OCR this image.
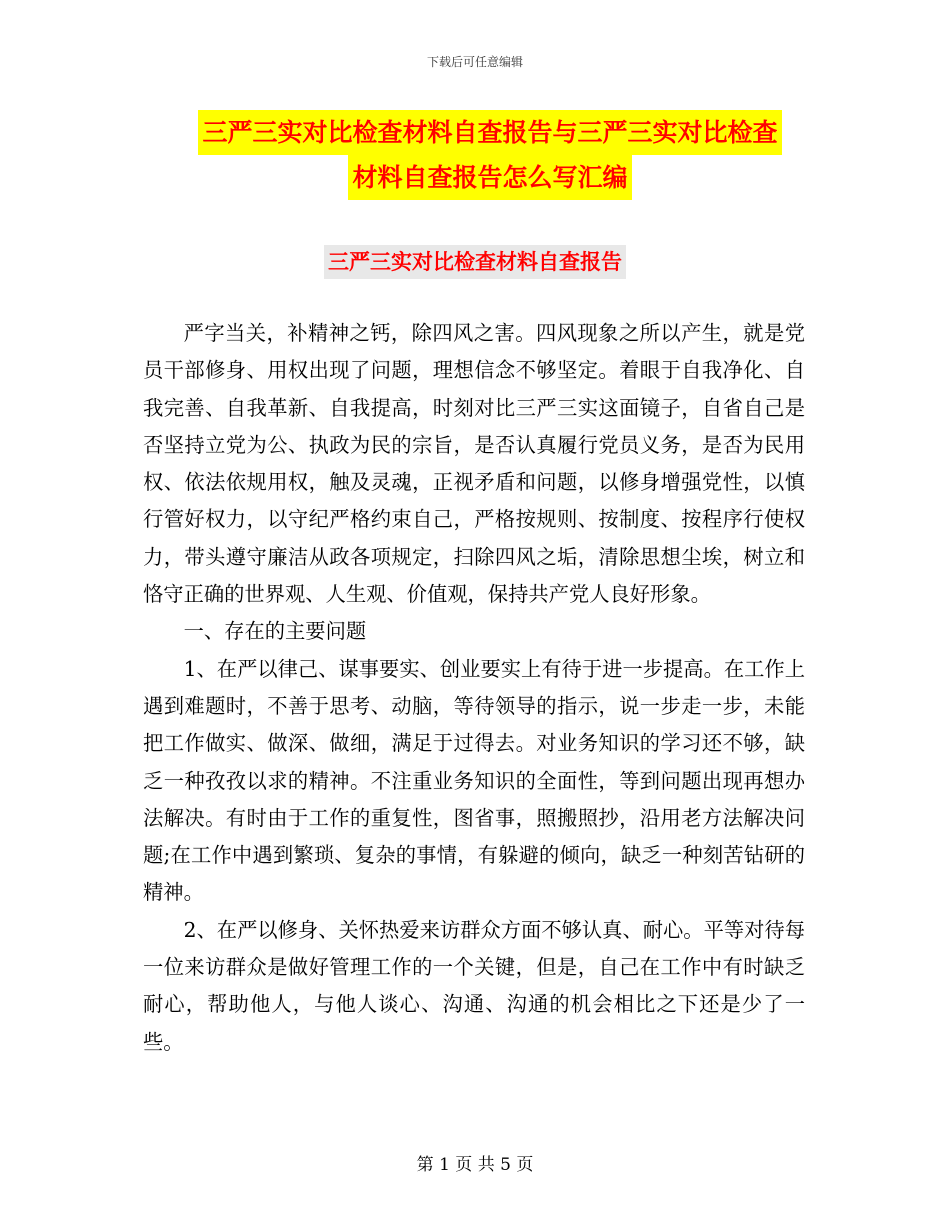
下载后可任意编辑
三严三实对比检查材料自查报告与三严三实对比检查
材料自查报告怎么写汇编
三严三实对比检查材料自查报告

严字当关，补精神之钙，除四风之害。四风现象之所以产生，就是党员干部修身、用权出现了问题，理想信念不够坚定。着眼于自我净化、自我完善、自我革新、自我提高，时刻对比三严三实这面镜子，自省自己是否坚持立党为公、执政为民的宗旨，是否认真履行党员义务，是否为民用权、依法依规用权，触及灵魂，正视矛盾和问题，以修身增强党性，以慎行管好权力，以守纪严格约束自己，严格按规则、按制度、按程序行使权力，带头遵守廉洁从政各项规定，扫除四风之垢，清除思想尘埃，树立和恪守正确的世界观、人生观、价值观，保持共产党人良好形象。

一、存在的主要问题

1、在严以律己、谋事要实、创业要实上有待于进一步提高。在工作上遇到难题时，不善于思考、动脑，等待领导的指示，说一步走一步，未能把工作做实、做深、做细，满足于过得去。对业务知识的学习还不够，缺乏一种孜孜以求的精神。不注重业务知识的全面性，等到问题出现再想办法解决。有时由于工作的重复性，图省事，照搬照抄，沿用老方法解决问题;在工作中遇到繁琐、复杂的事情，有躲避的倾向，缺乏一种刻苦钻研的精神。

2、在严以修身、关怀热爱来访群众方面不够认真、耐心。平等对待每一位来访群众是做好管理工作的一个关键，但是，自己在工作中有时缺乏耐心，帮助他人，与他人谈心、沟通、沟通的机会相比之下还是少了一些。

第 1 页 共 5 页
